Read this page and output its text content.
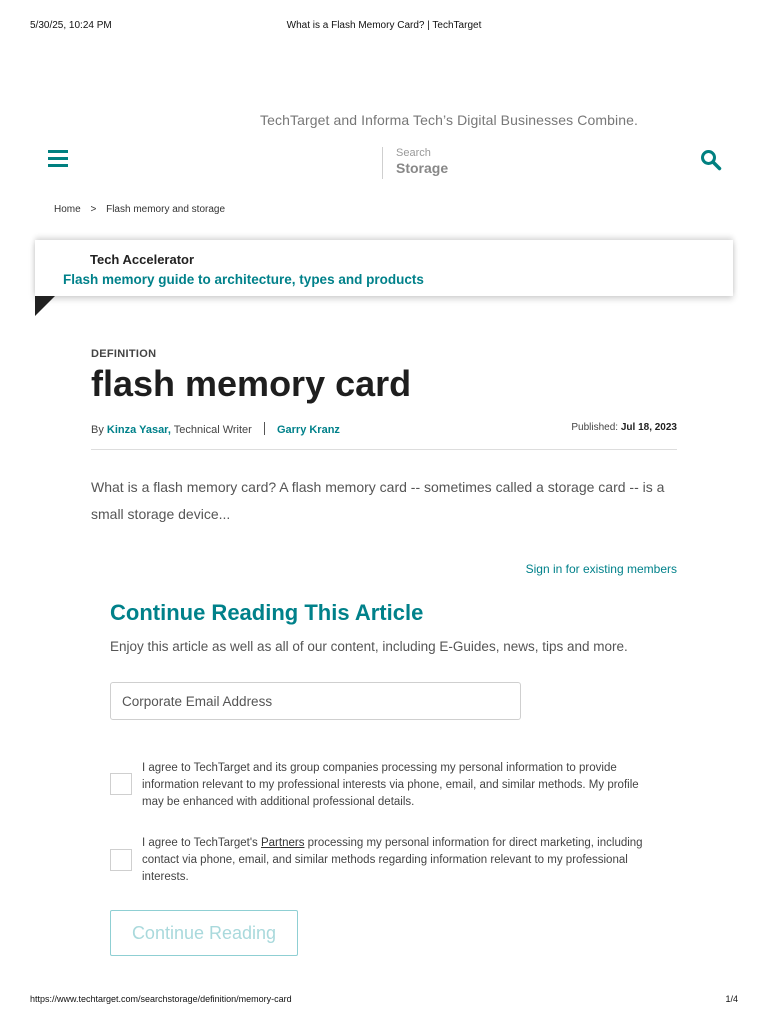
5/30/25, 10:24 PM	What is a Flash Memory Card? | TechTarget
TechTarget and Informa Tech’s Digital Businesses Combine.
Search
Storage
Home > Flash memory and storage
Tech Accelerator
Flash memory guide to architecture, types and products
DEFINITION
flash memory card
By Kinza Yasar, Technical Writer Garry Kranz	Published: Jul 18, 2023

What is a flash memory card? A flash memory card -- sometimes called a storage card -- is a small storage device...

Sign in for existing members
Continue Reading This Article

Enjoy this article as well as all of our content, including E-Guides, news, tips and more.

Corporate Email Address

I agree to TechTarget and its group companies processing my personal information to provide information relevant to my professional interests via phone, email, and similar methods. My profile may be enhanced with additional professional details.

I agree to TechTarget's Partners processing my personal information for direct marketing, including contact via phone, email, and similar methods regarding information relevant to my professional interests.

Continue Reading
https://www.techtarget.com/searchstorage/definition/memory-card	1/4
